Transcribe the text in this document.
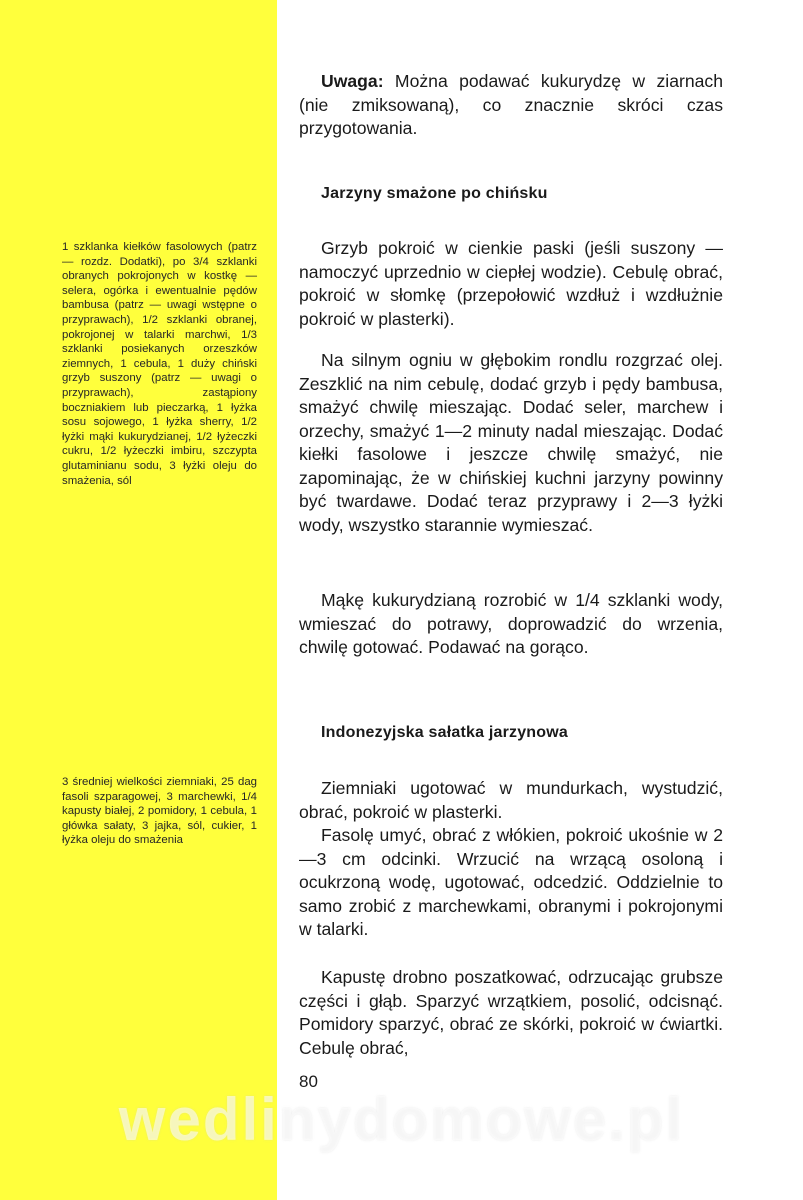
1 szklanka kiełków fasolowych (patrz — rozdz. Dodatki), po 3/4 szklanki obranych pokrojonych w kostkę — selera, ogórka i ewentualnie pędów bambusa (patrz — uwagi wstępne o przyprawach), 1/2 szklanki obranej, pokrojonej w talarki marchwi, 1/3 szklanki posiekanych orzeszków ziemnych, 1 cebula, 1 duży chiński grzyb suszony (patrz — uwagi o przyprawach), zastąpiony boczniakiem lub pieczarką, 1 łyżka sosu sojowego, 1 łyżka sherry, 1/2 łyżki mąki kukurydzianej, 1/2 łyżeczki cukru, 1/2 łyżeczki imbiru, szczypta glutaminianu sodu, 3 łyżki oleju do smażenia, sól
3 średniej wielkości ziemniaki, 25 dag fasoli szparagowej, 3 marchewki, 1/4 kapusty białej, 2 pomidory, 1 cebula, 1 główka sałaty, 3 jajka, sól, cukier, 1 łyżka oleju do smażenia

Uwaga: Można podawać kukurydzę w ziarnach (nie zmiksowaną), co znacznie skróci czas przygotowania.

Jarzyny smażone po chińsku

Grzyb pokroić w cienkie paski (jeśli suszony — namoczyć uprzednio w ciepłej wodzie). Cebulę obrać, pokroić w słomkę (przepołowić wzdłuż i wzdłużnie pokroić w plasterki).

Na silnym ogniu w głębokim rondlu rozgrzać olej. Zeszklić na nim cebulę, dodać grzyb i pędy bambusa, smażyć chwilę mieszając. Dodać seler, marchew i orzechy, smażyć 1—2 minuty nadal mieszając. Dodać kiełki fasolowe i jeszcze chwilę smażyć, nie zapominając, że w chińskiej kuchni jarzyny powinny być twardawe. Dodać teraz przyprawy i 2—3 łyżki wody, wszystko starannie wymieszać.

Mąkę kukurydzianą rozrobić w 1/4 szklanki wody, wmieszać do potrawy, doprowadzić do wrzenia, chwilę gotować. Podawać na gorąco.

Indonezyjska sałatka jarzynowa

Ziemniaki ugotować w mundurkach, wystudzić, obrać, pokroić w plasterki.

Fasolę umyć, obrać z włókien, pokroić ukośnie w 2—3 cm odcinki. Wrzucić na wrzącą osoloną i ocukrzoną wodę, ugotować, odcedzić. Oddzielnie to samo zrobić z marchewkami, obranymi i pokrojonymi w talarki.

Kapustę drobno poszatkować, odrzucając grubsze części i głąb. Sparzyć wrzątkiem, posolić, odcisnąć. Pomidory sparzyć, obrać ze skórki, pokroić w ćwiartki. Cebulę obrać,

80
wedlinydomowe.pl
